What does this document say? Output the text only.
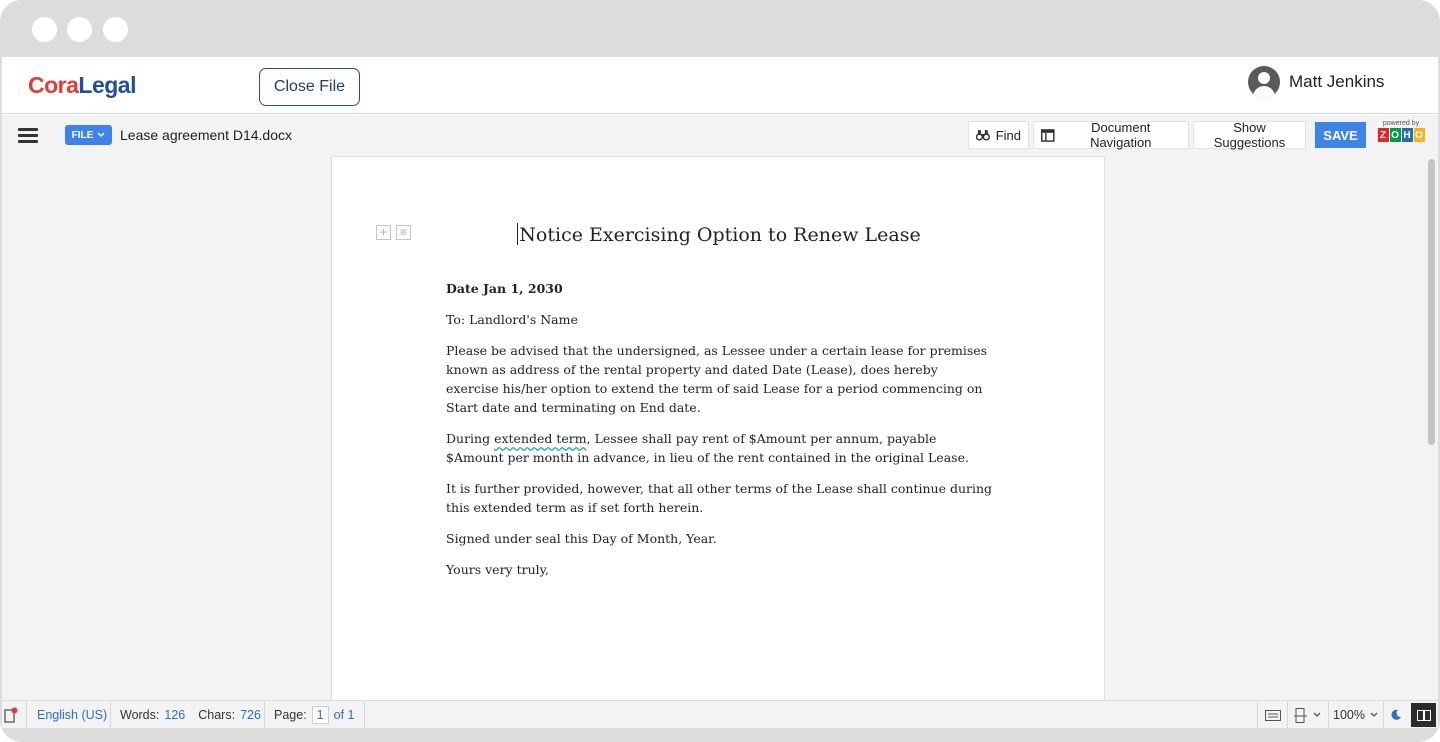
CoraLegal	Close File	Matt Jenkins
FILE Lease agreement D14.docx	Find	Document Navigation
Show Suggestions	SAVE
powered by
Z O H O
+	≡	Notice Exercising Option to Renew Lease

Date Jan 1, 2030

To: Landlord's Name

Please be advised that the undersigned, as Lessee under a certain lease for premises known as address of the rental property and dated Date (Lease), does hereby exercise his/her option to extend the term of said Lease for a period commencing on Start date and terminating on End date.

During extended term, Lessee shall pay rent of $Amount per annum, payable $Amount per month in advance, in lieu of the rent contained in the original Lease.

It is further provided, however, that all other terms of the Lease shall continue during this extended term as if set forth herein.

Signed under seal this Day of Month, Year.

Yours very truly,

English (US) Words: 126 Chars: 726 Page: 1 of 1	100%
